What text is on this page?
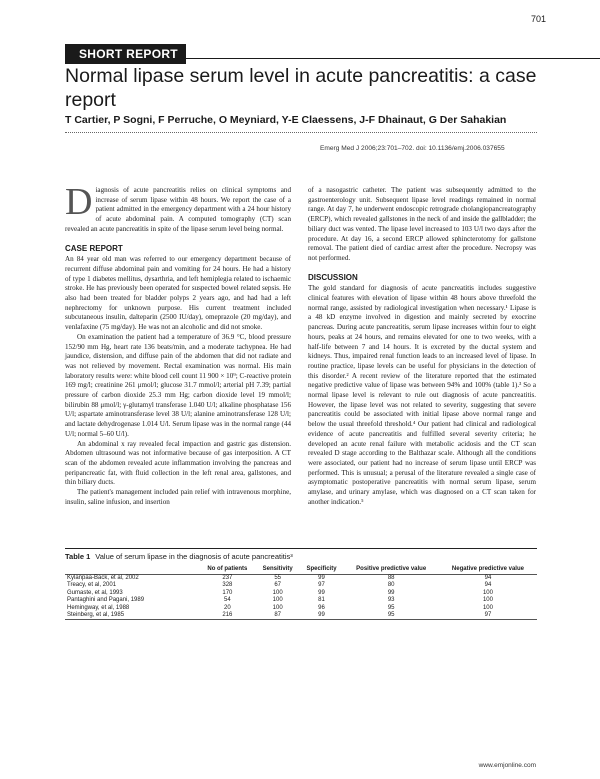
701
SHORT REPORT
Normal lipase serum level in acute pancreatitis: a case report
T Cartier, P Sogni, F Perruche, O Meyniard, Y-E Claessens, J-F Dhainaut, G Der Sahakian
Emerg Med J 2006;23:701–702. doi: 10.1136/emj.2006.037655

Diagnosis of acute pancreatitis relies on clinical symptoms and increase of serum lipase within 48 hours. We report the case of a patient admitted in the emergency department with a 24 hour history of acute abdominal pain. A computed tomography (CT) scan revealed an acute pancreatitis in spite of the lipase serum level being normal.

CASE REPORT

An 84 year old man was referred to our emergency department because of recurrent diffuse abdominal pain and vomiting for 24 hours. He had a history of type 1 diabetes mellitus, dysarthria, and left hemiplegia related to ischaemic stroke. He has previously been operated for suspected bowel related sepsis. He also had been treated for bladder polyps 2 years ago, and had had a left nephrectomy for unknown purpose. His current treatment included subcutaneous insulin, dalteparin (2500 IU/day), omeprazole (20 mg/day), and venlafaxine (75 mg/day). He was not an alcoholic and did not smoke.

On examination the patient had a temperature of 36.9 °C, blood pressure 152/90 mm Hg, heart rate 136 beats/min, and a moderate tachypnea. He had jaundice, distension, and diffuse pain of the abdomen that did not radiate and was not relieved by movement. Rectal examination was normal. His main laboratory results were: white blood cell count 11 900 × 10⁹; C-reactive protein 169 mg/l; creatinine 261 μmol/l; glucose 31.7 mmol/l; arterial pH 7.39; partial pressure of carbon dioxide 25.3 mm Hg; carbon dioxide level 19 mmol/l; bilirubin 88 μmol/l; γ-glutamyl transferase 1.040 U/l; alkaline phosphatase 156 U/l; aspartate aminotransferase level 38 U/l; alanine aminotransferase 128 U/l; and lactate dehydrogenase 1.014 U/l. Serum lipase was in the normal range (44 U/l; normal 5–60 U/l).

An abdominal x ray revealed fecal impaction and gastric gas distension. Abdomen ultrasound was not informative because of gas interposition. A CT scan of the abdomen revealed acute inflammation involving the pancreas and peripancreatic fat, with fluid collection in the left renal area, gallstones, and thin biliary ducts.

The patient's management included pain relief with intravenous morphine, insulin, saline infusion, and insertion

of a nasogastric catheter. The patient was subsequently admitted to the gastroenterology unit. Subsequent lipase level readings remained in normal range. At day 7, he underwent endoscopic retrograde cholangiopancreatography (ERCP), which revealed gallstones in the neck of and inside the gallbladder; the biliary duct was vented. The lipase level increased to 103 U/l two days after the procedure. At day 16, a second ERCP allowed sphincterotomy for gallstone removal. The patient died of cardiac arrest after the procedure. Necropsy was not performed.

DISCUSSION

The gold standard for diagnosis of acute pancreatitis includes suggestive clinical features with elevation of lipase within 48 hours above threefold the normal range, assisted by radiological investigation when necessary.¹ Lipase is a 48 kD enzyme involved in digestion and mainly secreted by exocrine pancreas. During acute pancreatitis, serum lipase increases within four to eight hours, peaks at 24 hours, and remains elevated for one to two weeks, with a half-life between 7 and 14 hours. It is excreted by the ductal system and kidneys. Thus, impaired renal function leads to an increased level of lipase. In routine practice, lipase levels can be useful for physicians in the detection of this disorder.² A recent review of the literature reported that the estimated negative predictive value of lipase was between 94% and 100% (table 1).³ So a normal lipase level is relevant to rule out diagnosis of acute pancreatitis. However, the lipase level was not related to severity, suggesting that severe pancreatitis could be associated with initial lipase above normal range and below the usual threefold threshold.⁴ Our patient had clinical and radiological evidence of acute pancreatitis and fulfilled several severity criteria; he developed an acute renal failure with metabolic acidosis and the CT scan revealed D stage according to the Balthazar scale. Although all the conditions were associated, our patient had no increase of serum lipase until ERCP was performed. This is unusual; a perusal of the literature revealed a single case of asymptomatic postoperative pancreatitis with normal serum lipase, serum amylase, and urinary amylase, which was diagnosed on a CT scan taken for another indication.⁵

Table 1 Value of serum lipase in the diagnosis of acute pancreatitis³
	No of patients	Sensitivity	Specificity	Positive predictive value	Negative predictive value
Kylanpaa-Back, et al, 2002	237	55	99	88	94
Treacy, et al, 2001	328	67	97	80	94
Gumaste, et al, 1993	170	100	99	99	100
Pantaghini and Pagani, 1989	54	100	81	93	100
Hemingway, et al, 1988	20	100	96	95	100
Steinberg, et al, 1985	216	87	99	95	97
www.emjonline.com
